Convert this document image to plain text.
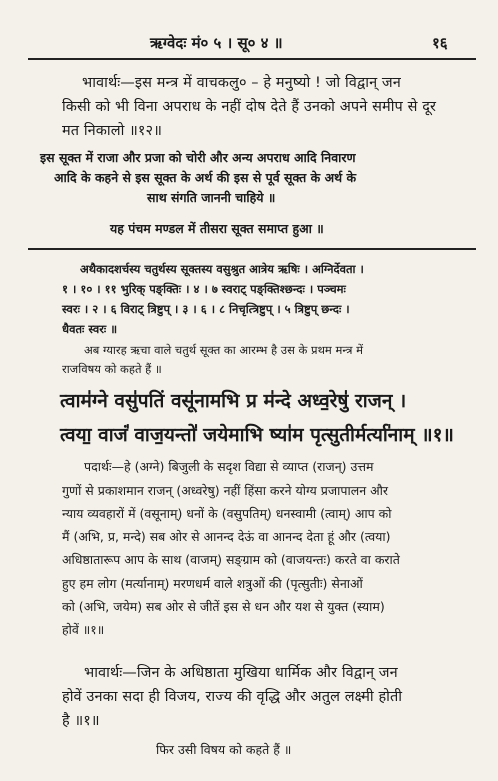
ऋग्वेदः मं० ५ । सू० ४ ॥	१६
भावार्थः—इस मन्त्र में वाचकलु० – हे मनुष्यो ! जो विद्वान् जन
किसी को भी विना अपराध के नहीं दोष देते हैं उनको अपने समीप से दूर
मत निकालो ॥१२॥
इस सूक्त में राजा और प्रजा को चोरी और अन्य अपराध आदि निवारण
आदि के कहने से इस सूक्त के अर्थ की इस से पूर्व सूक्त के अर्थ के
साथ संगति जाननी चाहिये ॥
यह पंचम मण्डल में तीसरा सूक्त समाप्त हुआ ॥
अथैकादशर्चस्य चतुर्थस्य सूक्तस्य वसुश्रुत आत्रेय ऋषिः । अग्निर्देवता ।
१ । १० । ११ भुरिक् पङ्क्तिः । ४ । ७ स्वराट् पङ्क्तिश्छन्दः । पञ्चमः
स्वरः । २ । ६ विराट् त्रिष्टुप् । ३ । ६ । ८ निचृत्त्रिष्टुप् । ५ त्रिष्टुप् छन्दः ।
धैवतः स्वरः ॥
अब ग्यारह ऋचा वाले चतुर्थ सूक्त का आरम्भ है उस के प्रथम मन्त्र में
राजविषय को कहते हैं ॥
त्वाम॑ग्ने वसु॑पतिं वसू॑नामभि प्र म॑न्दे अध्व॒रेषु॑ राजन् ।
त्वया॒ वाजं॑ वाज॒यन्तो॑ जयेमाभि ष्या॑म पृत्सुतीर्मर्त्या॑नाम् ॥१॥
पदार्थः—हे (अग्ने) बिजुली के सदृश विद्या से व्याप्त (राजन्) उत्तम
गुणों से प्रकाशमान राजन् (अध्वरेषु) नहीं हिंसा करने योग्य प्रजापालन और
न्याय व्यवहारों में (वसूनाम्) धनों के (वसुपतिम्) धनस्वामी (त्वाम्) आप को
मैं (अभि, प्र, मन्दे) सब ओर से आनन्द देऊं वा आनन्द देता हूं और (त्वया)
अधिष्ठातारूप आप के साथ (वाजम्) सङ्ग्राम को (वाजयन्तः) करते वा कराते
हुए हम लोग (मर्त्यानाम्) मरणधर्म वाले शत्रुओं की (पृत्सुतीः) सेनाओं
को (अभि, जयेम) सब ओर से जीतें इस से धन और यश से युक्त (स्याम)
होवें ॥१॥
भावार्थः—जिन के अधिष्ठाता मुखिया धार्मिक और विद्वान् जन
होवें उनका सदा ही विजय, राज्य की वृद्धि और अतुल लक्ष्मी होती
है ॥१॥
फिर उसी विषय को कहते हैं ॥
